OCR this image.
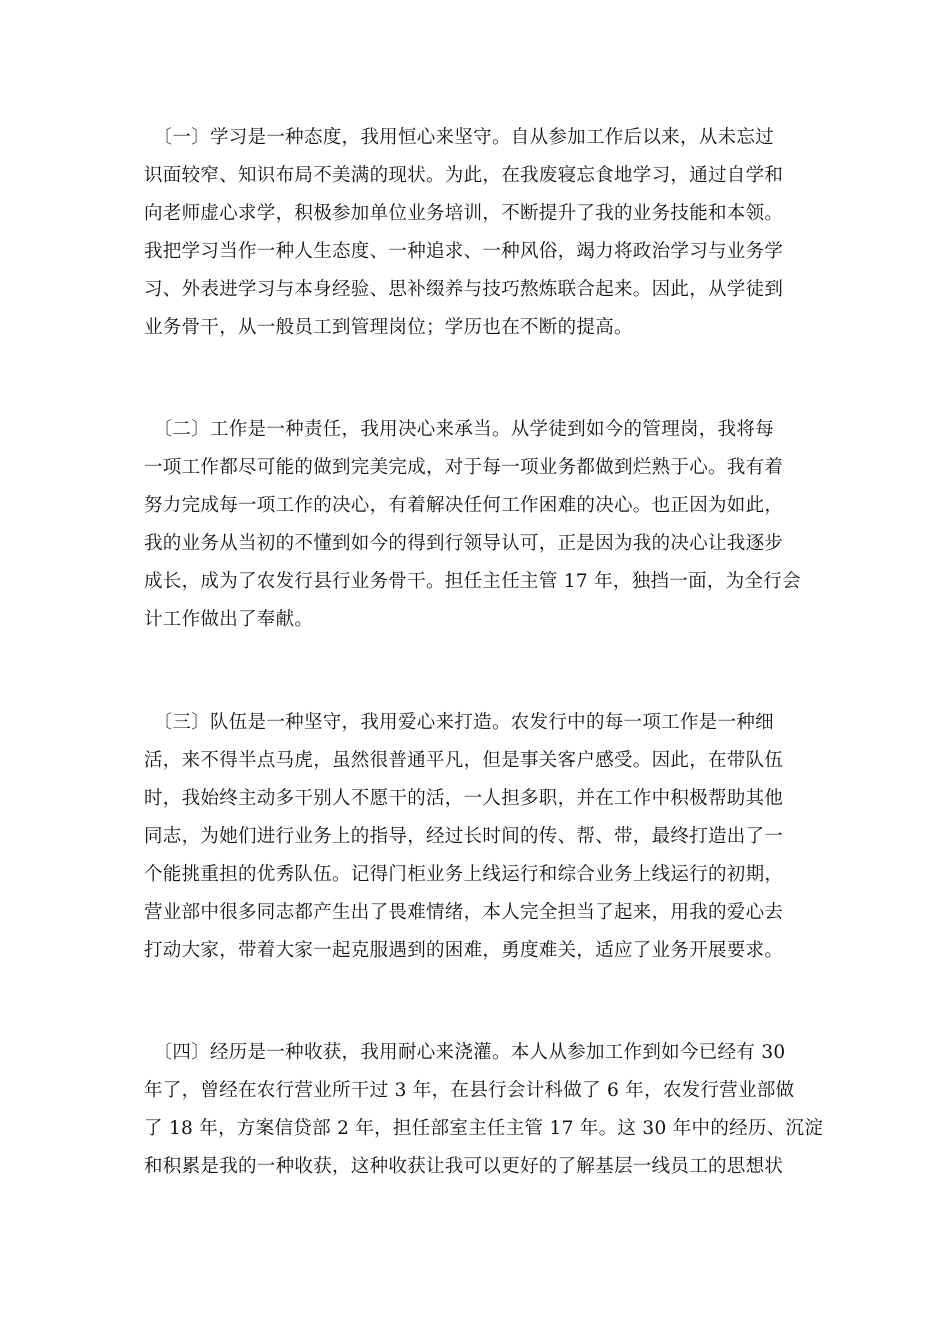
　〔一〕学习是一种态度，我用恒心来坚守。自从参加工作后以来，从未忘过
识面较窄、知识布局不美满的现状。为此，在我废寝忘食地学习，通过自学和
向老师虚心求学，积极参加单位业务培训，不断提升了我的业务技能和本领。
我把学习当作一种人生态度、一种追求、一种风俗，竭力将政治学习与业务学
习、外表进学习与本身经验、思补缀养与技巧熬炼联合起来。因此，从学徒到
业务骨干，从一般员工到管理岗位；学历也在不断的提高。
　〔二〕工作是一种责任，我用决心来承当。从学徒到如今的管理岗，我将每
一项工作都尽可能的做到完美完成，对于每一项业务都做到烂熟于心。我有着
努力完成每一项工作的决心，有着解决任何工作困难的决心。也正因为如此，
我的业务从当初的不懂到如今的得到行领导认可，正是因为我的决心让我逐步
成长，成为了农发行县行业务骨干。担任主任主管 17 年，独挡一面，为全行会
计工作做出了奉献。
　〔三〕队伍是一种坚守，我用爱心来打造。农发行中的每一项工作是一种细
活，来不得半点马虎，虽然很普通平凡，但是事关客户感受。因此，在带队伍
时，我始终主动多干别人不愿干的活，一人担多职，并在工作中积极帮助其他
同志，为她们进行业务上的指导，经过长时间的传、帮、带，最终打造出了一
个能挑重担的优秀队伍。记得门柜业务上线运行和综合业务上线运行的初期，
营业部中很多同志都产生出了畏难情绪，本人完全担当了起来，用我的爱心去
打动大家，带着大家一起克服遇到的困难，勇度难关，适应了业务开展要求。
　〔四〕经历是一种收获，我用耐心来浇灌。本人从参加工作到如今已经有 30
年了，曾经在农行营业所干过 3 年，在县行会计科做了 6 年，农发行营业部做
了 18 年，方案信贷部 2 年，担任部室主任主管 17 年。这 30 年中的经历、沉淀
和积累是我的一种收获，这种收获让我可以更好的了解基层一线员工的思想状
